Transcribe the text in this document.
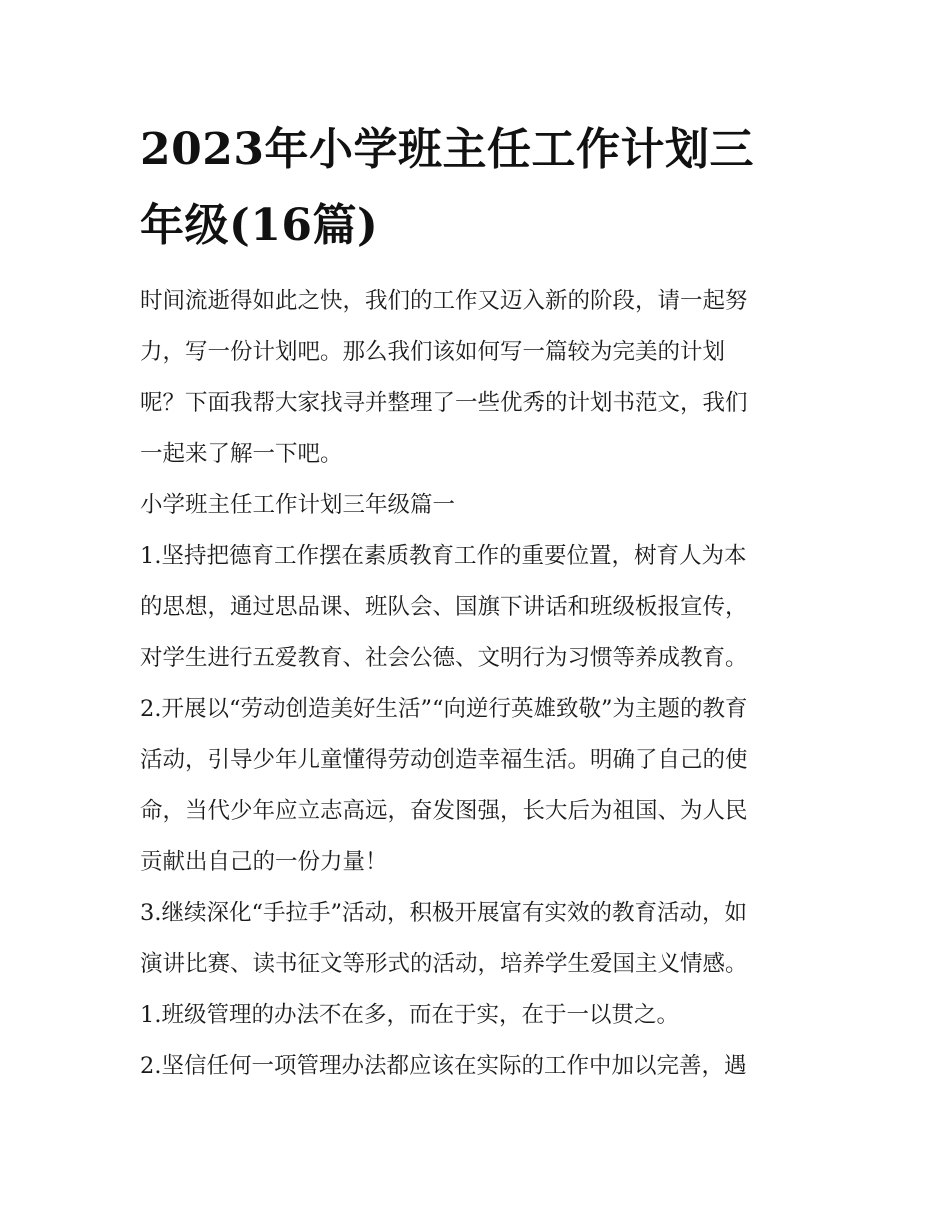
2023年小学班主任工作计划三
年级(16篇)

时间流逝得如此之快，我们的工作又迈入新的阶段，请一起努
力，写一份计划吧。那么我们该如何写一篇较为完美的计划
呢？下面我帮大家找寻并整理了一些优秀的计划书范文，我们
一起来了解一下吧。

小学班主任工作计划三年级篇一

1.坚持把德育工作摆在素质教育工作的重要位置，树育人为本
的思想，通过思品课、班队会、国旗下讲话和班级板报宣传，
对学生进行五爱教育、社会公德、文明行为习惯等养成教育。

2.开展以“劳动创造美好生活”“向逆行英雄致敬”为主题的教育
活动，引导少年儿童懂得劳动创造幸福生活。明确了自己的使
命，当代少年应立志高远，奋发图强，长大后为祖国、为人民
贡献出自己的一份力量！

3.继续深化“手拉手”活动，积极开展富有实效的教育活动，如
演讲比赛、读书征文等形式的活动，培养学生爱国主义情感。

1.班级管理的办法不在多，而在于实，在于一以贯之。

2.坚信任何一项管理办法都应该在实际的工作中加以完善，遇
